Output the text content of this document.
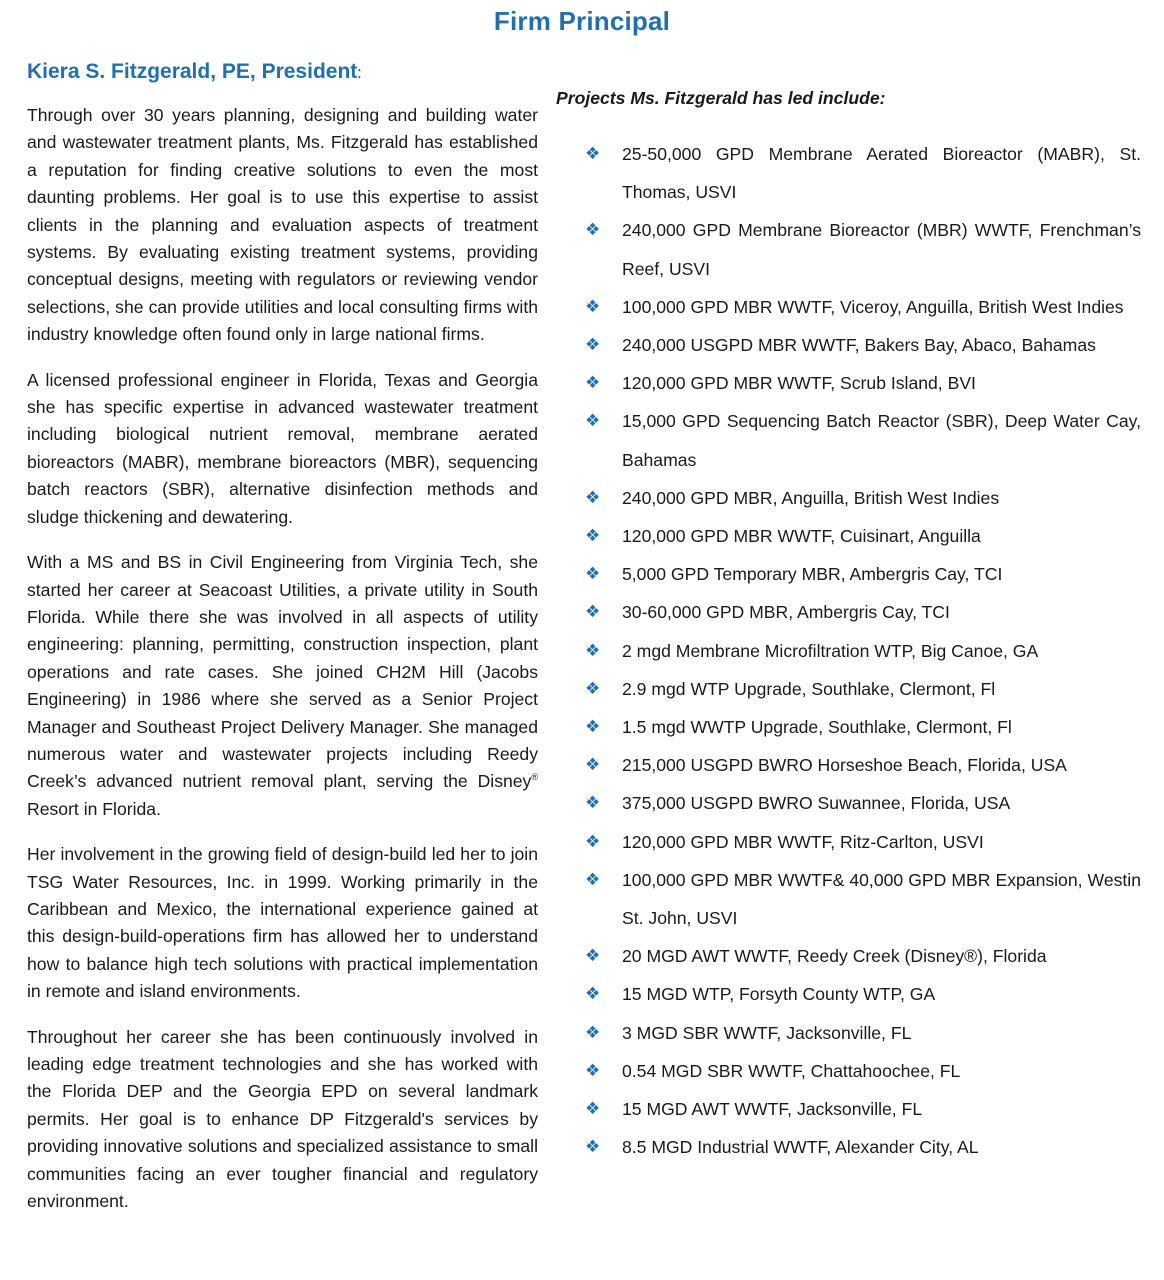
Firm Principal
Kiera S. Fitzgerald, PE, President:

Through over 30 years planning, designing and building water and wastewater treatment plants, Ms. Fitzgerald has established a reputation for finding creative solutions to even the most daunting problems. Her goal is to use this expertise to assist clients in the planning and evaluation aspects of treatment systems. By evaluating existing treatment systems, providing conceptual designs, meeting with regulators or reviewing vendor selections, she can provide utilities and local consulting firms with industry knowledge often found only in large national firms.

A licensed professional engineer in Florida, Texas and Georgia she has specific expertise in advanced wastewater treatment including biological nutrient removal, membrane aerated bioreactors (MABR), membrane bioreactors (MBR), sequencing batch reactors (SBR), alternative disinfection methods and sludge thickening and dewatering.

With a MS and BS in Civil Engineering from Virginia Tech, she started her career at Seacoast Utilities, a private utility in South Florida. While there she was involved in all aspects of utility engineering: planning, permitting, construction inspection, plant operations and rate cases. She joined CH2M Hill (Jacobs Engineering) in 1986 where she served as a Senior Project Manager and Southeast Project Delivery Manager. She managed numerous water and wastewater projects including Reedy Creek’s advanced nutrient removal plant, serving the Disney® Resort in Florida.

Her involvement in the growing field of design-build led her to join TSG Water Resources, Inc. in 1999. Working primarily in the Caribbean and Mexico, the international experience gained at this design-build-operations firm has allowed her to understand how to balance high tech solutions with practical implementation in remote and island environments.

Throughout her career she has been continuously involved in leading edge treatment technologies and she has worked with the Florida DEP and the Georgia EPD on several landmark permits. Her goal is to enhance DP Fitzgerald's services by providing innovative solutions and specialized assistance to small communities facing an ever tougher financial and regulatory environment.

Projects Ms. Fitzgerald has led include:
❖ 25-50,000 GPD Membrane Aerated Bioreactor (MABR), St. Thomas, USVI
❖ 240,000 GPD Membrane Bioreactor (MBR) WWTF, Frenchman’s Reef, USVI
❖ 100,000 GPD MBR WWTF, Viceroy, Anguilla, British West Indies
❖ 240,000 USGPD MBR WWTF, Bakers Bay, Abaco, Bahamas
❖ 120,000 GPD MBR WWTF, Scrub Island, BVI
❖ 15,000 GPD Sequencing Batch Reactor (SBR), Deep Water Cay, Bahamas
❖ 240,000 GPD MBR, Anguilla, British West Indies
❖ 120,000 GPD MBR WWTF, Cuisinart, Anguilla
❖ 5,000 GPD Temporary MBR, Ambergris Cay, TCI
❖ 30-60,000 GPD MBR, Ambergris Cay, TCI
❖ 2 mgd Membrane Microfiltration WTP, Big Canoe, GA
❖ 2.9 mgd WTP Upgrade, Southlake, Clermont, Fl
❖ 1.5 mgd WWTP Upgrade, Southlake, Clermont, Fl
❖ 215,000 USGPD BWRO Horseshoe Beach, Florida, USA
❖ 375,000 USGPD BWRO Suwannee, Florida, USA
❖ 120,000 GPD MBR WWTF, Ritz-Carlton, USVI
❖ 100,000 GPD MBR WWTF& 40,000 GPD MBR Expansion, Westin St. John, USVI
❖ 20 MGD AWT WWTF, Reedy Creek (Disney®), Florida
❖ 15 MGD WTP, Forsyth County WTP, GA
❖ 3 MGD SBR WWTF, Jacksonville, FL
❖ 0.54 MGD SBR WWTF, Chattahoochee, FL
❖ 15 MGD AWT WWTF, Jacksonville, FL
❖ 8.5 MGD Industrial WWTF, Alexander City, AL
